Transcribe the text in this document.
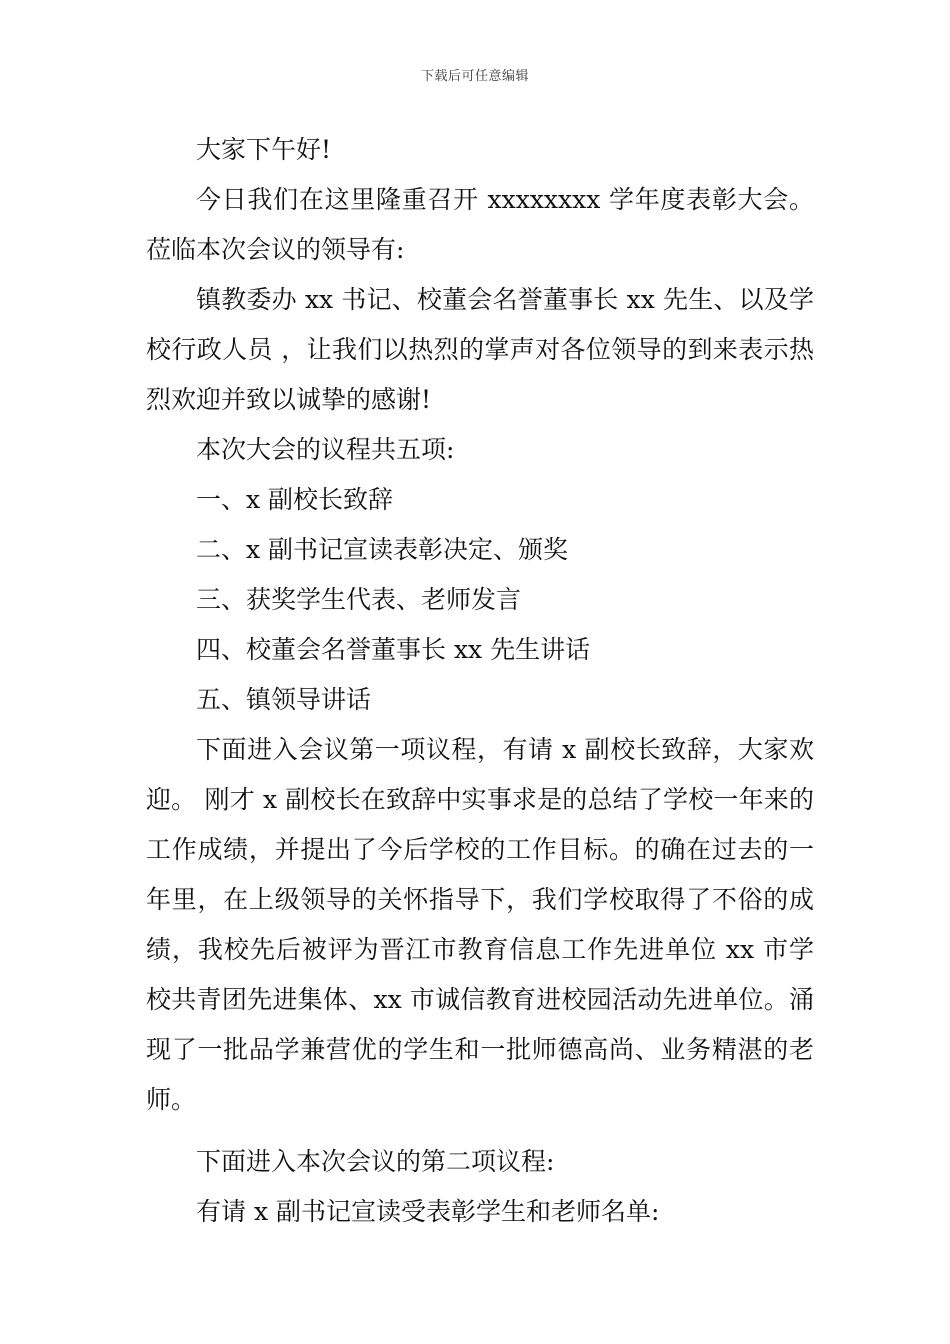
下载后可任意编辑

大家下午好!

今日我们在这里隆重召开 xxxxxxxx 学年度表彰大会。莅临本次会议的领导有:

镇教委办 xx 书记、校董会名誉董事长 xx 先生、以及学校行政人员 ，让我们以热烈的掌声对各位领导的到来表示热烈欢迎并致以诚挚的感谢!

本次大会的议程共五项:

一、x 副校长致辞

二、x 副书记宣读表彰决定、颁奖

三、获奖学生代表、老师发言

四、校董会名誉董事长 xx 先生讲话

五、镇领导讲话

下面进入会议第一项议程，有请 x 副校长致辞，大家欢迎。 刚才 x 副校长在致辞中实事求是的总结了学校一年来的工作成绩，并提出了今后学校的工作目标。的确在过去的一年里，在上级领导的关怀指导下，我们学校取得了不俗的成绩，我校先后被评为晋江市教育信息工作先进单位 xx 市学校共青团先进集体、xx 市诚信教育进校园活动先进单位。涌现了一批品学兼营优的学生和一批师德高尚、业务精湛的老师。

下面进入本次会议的第二项议程:

有请 x 副书记宣读受表彰学生和老师名单:
